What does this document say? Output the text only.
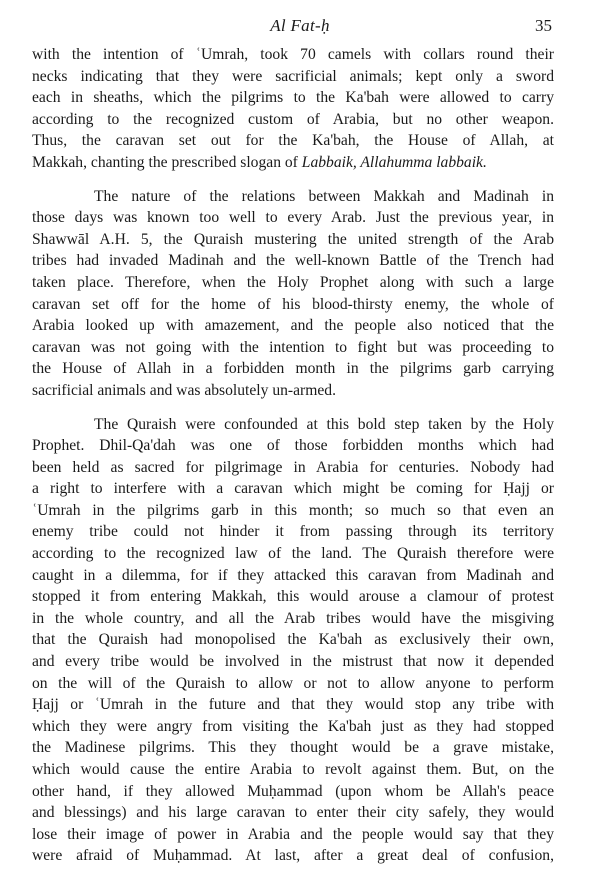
Al Fat-ḥ	35
with the intention of ʿUmrah, took 70 camels with collars round their
necks indicating that they were sacrificial animals; kept only a sword
each in sheaths, which the pilgrims to the Ka'bah were allowed to carry
according to the recognized custom of Arabia, but no other weapon.
Thus, the caravan set out for the Ka'bah, the House of Allah, at
Makkah, chanting the prescribed slogan of Labbaik, Allahumma labbaik.
The nature of the relations between Makkah and Madinah in
those days was known too well to every Arab. Just the previous year, in
Shawwāl A.H. 5, the Quraish mustering the united strength of the Arab
tribes had invaded Madinah and the well-known Battle of the Trench had
taken place. Therefore, when the Holy Prophet along with such a large
caravan set off for the home of his blood-thirsty enemy, the whole of
Arabia looked up with amazement, and the people also noticed that the
caravan was not going with the intention to fight but was proceeding to
the House of Allah in a forbidden month in the pilgrims garb carrying
sacrificial animals and was absolutely un-armed.
The Quraish were confounded at this bold step taken by the Holy
Prophet. Dhil-Qa'dah was one of those forbidden months which had
been held as sacred for pilgrimage in Arabia for centuries. Nobody had
a right to interfere with a caravan which might be coming for Ḥajj or
ʿUmrah in the pilgrims garb in this month; so much so that even an
enemy tribe could not hinder it from passing through its territory
according to the recognized law of the land. The Quraish therefore were
caught in a dilemma, for if they attacked this caravan from Madinah and
stopped it from entering Makkah, this would arouse a clamour of protest
in the whole country, and all the Arab tribes would have the misgiving
that the Quraish had monopolised the Ka'bah as exclusively their own,
and every tribe would be involved in the mistrust that now it depended
on the will of the Quraish to allow or not to allow anyone to perform
Ḥajj or ʿUmrah in the future and that they would stop any tribe with
which they were angry from visiting the Ka'bah just as they had stopped
the Madinese pilgrims. This they thought would be a grave mistake,
which would cause the entire Arabia to revolt against them. But, on the
other hand, if they allowed Muḥammad (upon whom be Allah's peace
and blessings) and his large caravan to enter their city safely, they would
lose their image of power in Arabia and the people would say that they
were afraid of Muḥammad. At last, after a great deal of confusion,
